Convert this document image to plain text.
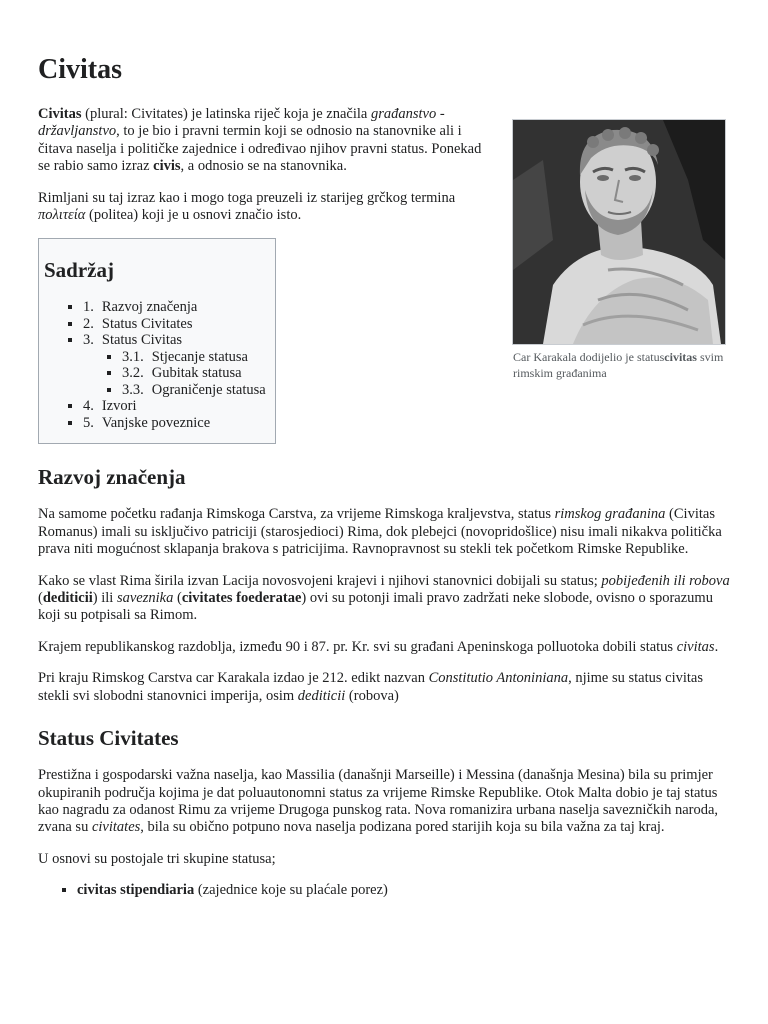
Civitas
Car Karakala dodijelio je statuscivitas svim rimskim građanima

Civitas (plural: Civitates) je latinska riječ koja je značila građanstvo - državljanstvo, to je bio i pravni termin koji se odnosio na stanovnike ali i čitava naselja i političke zajednice i određivao njihov pravni status. Ponekad se rabio samo izraz civis, a odnosio se na stanovnika.

Rimljani su taj izraz kao i mogo toga preuzeli iz starijeg grčkog termina πολιτεία (politea) koji je u osnovi značio isto.

Sadržaj
▪ 1. Razvoj značenja
▪ 2. Status Civitates
▪ 3. Status Civitas
▪ 3.1. Stjecanje statusa
▪ 3.2. Gubitak statusa
▪ 3.3. Ograničenje statusa
▪ 4. Izvori
▪ 5. Vanjske poveznice
Razvoj značenja

Na samome početku rađanja Rimskoga Carstva, za vrijeme Rimskoga kraljevstva, status rimskog građanina (Civitas Romanus) imali su isključivo patriciji (starosjedioci) Rima, dok plebejci (novopridošlice) nisu imali nikakva politička prava niti mogućnost sklapanja brakova s patricijima. Ravnopravnost su stekli tek početkom Rimske Republike.

Kako se vlast Rima širila izvan Lacija novosvojeni krajevi i njihovi stanovnici dobijali su status; pobijeđenih ili robova (dediticii) ili saveznika (civitates foederatae) ovi su potonji imali pravo zadržati neke slobode, ovisno o sporazumu koji su potpisali sa Rimom.

Krajem republikanskog razdoblja, između 90 i 87. pr. Kr. svi su građani Apeninskoga polluotoka dobili status civitas.

Pri kraju Rimskog Carstva car Karakala izdao je 212. edikt nazvan Constitutio Antoniniana, njime su status civitas stekli svi slobodni stanovnici imperija, osim dediticii (robova)

Status Civitates

Prestižna i gospodarski važna naselja, kao Massilia (današnji Marseille) i Messina (današnja Mesina) bila su primjer okupiranih područja kojima je dat poluautonomni status za vrijeme Rimske Republike. Otok Malta dobio je taj status kao nagradu za odanost Rimu za vrijeme Drugoga punskog rata. Nova romanizira urbana naselja savezničkih naroda, zvana su civitates, bila su obično potpuno nova naselja podizana pored starijih koja su bila važna za taj kraj.

U osnovi su postojale tri skupine statusa;

▪ civitas stipendiaria (zajednice koje su plaćale porez)
